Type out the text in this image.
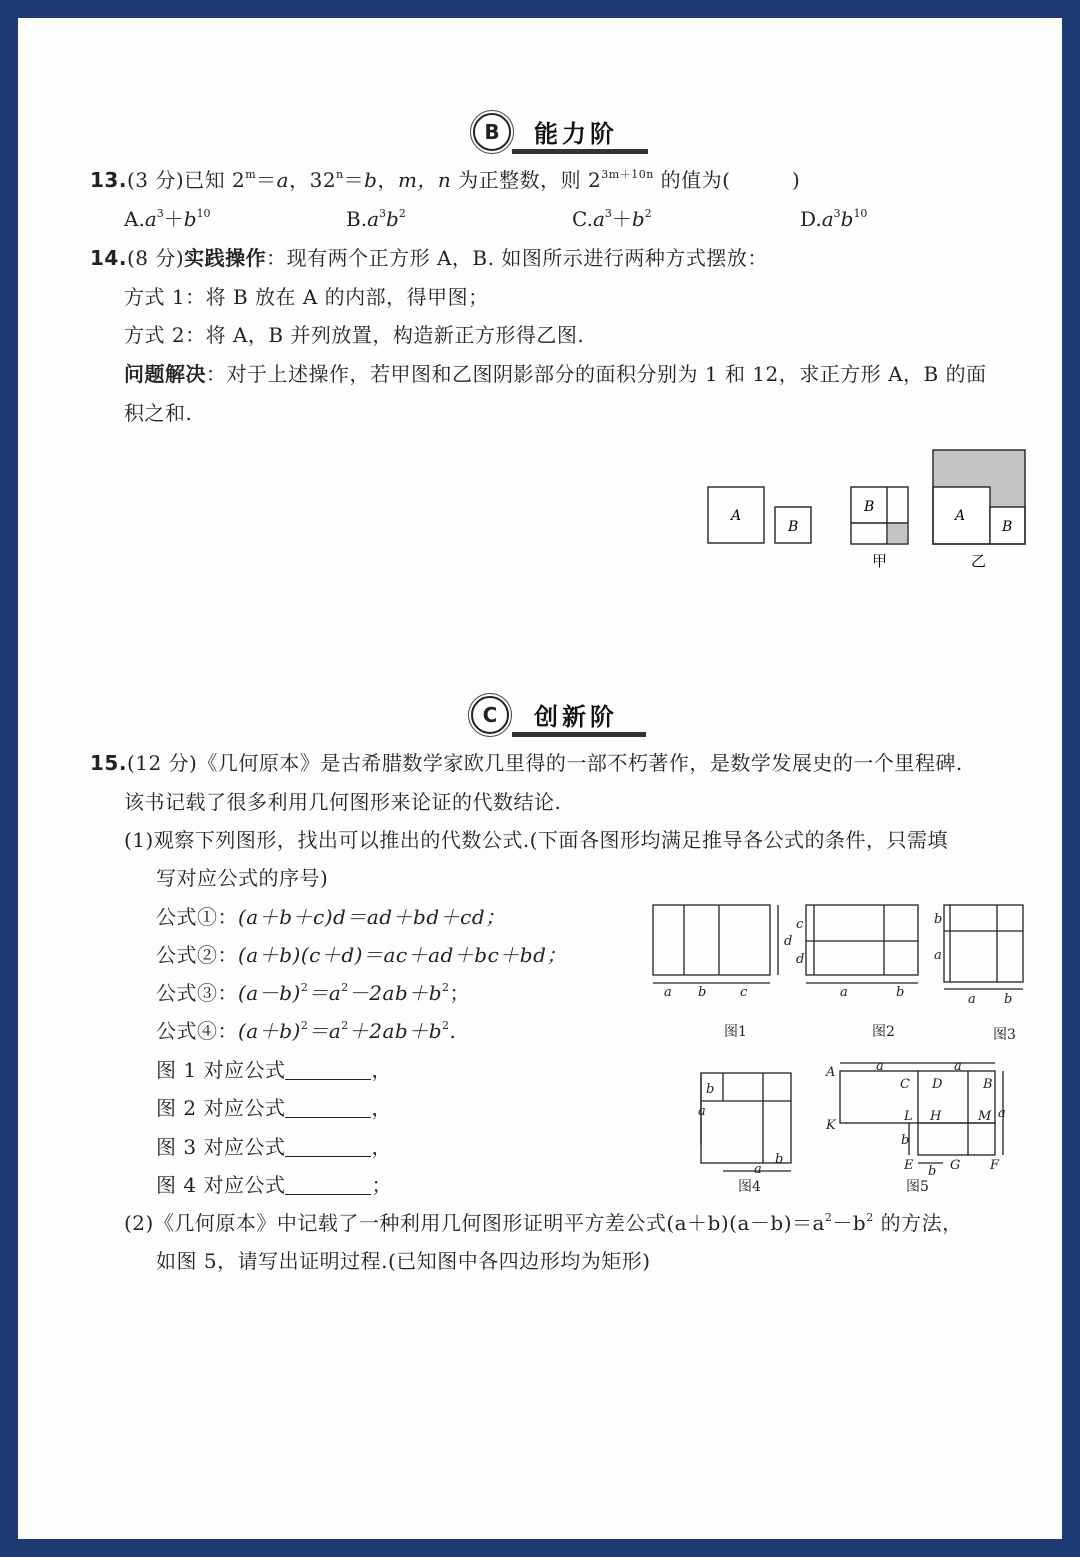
B	能力阶
13.(3 分)已知 $2^m=a$，$32^n=b$，m，n 为正整数，则 $2^{3m+10n}$ 的值为(　　　)
$A.a^3+b^{10}$	$B.a^3b^2$	$C.a^3+b^2$	$D.a^3b^{10}$
14.(8 分)实践操作：现有两个正方形 A，B. 如图所示进行两种方式摆放：
方式 1：将 B 放在 A 的内部，得甲图；
方式 2：将 A，B 并列放置，构造新正方形得乙图.
问题解决：对于上述操作，若甲图和乙图阴影部分的面积分别为 1 和 12，求正方形 A，B 的面
积之和.
A
B
B
A
B
甲	乙
C	创新阶
15.(12 分)《几何原本》是古希腊数学家欧几里得的一部不朽著作，是数学发展史的一个里程碑.
该书记载了很多利用几何图形来论证的代数结论.
(1)观察下列图形，找出可以推出的代数公式.(下面各图形均满足推导各公式的条件，只需填
写对应公式的序号)
公式①：(a＋b＋c)d＝ad＋bd＋cd；
公式②：(a＋b)(c＋d)＝ac＋ad＋bc＋bd；
公式③：$(a-b)^2=a^2-2ab+b^2$；
公式④：$(a+b)^2=a^2+2ab+b^2$.
图 1 对应公式	，
图 2 对应公式	，
图 3 对应公式	，
图 4 对应公式	；
(2)《几何原本》中记载了一种利用几何图形证明平方差公式$(a+b)(a-b)=a^2-b^2$ 的方法，
如图 5，请写出证明过程.(已知图中各四边形均为矩形)
a b	c
d
c
d
a	b
b
a
a b
b
a
a
b
a	a
a
b
b
A
K
C D	B
L H	M
E	G F
图1	图2	图3
图4	图5
